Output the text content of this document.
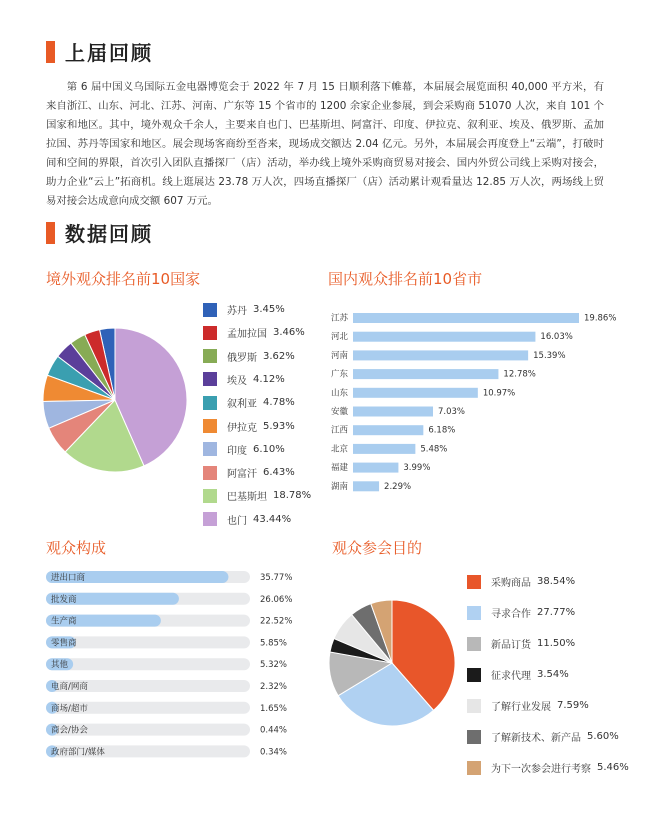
上届回顾
第 6 届中国义乌国际五金电器博览会于 2022 年 7 月 15 日顺利落下帷幕，本届展会展览面积 40,000 平方米，有来自浙江、山东、河北、江苏、河南、广东等 15 个省市的 1200 余家企业参展，到会采购商 51070 人次，来自 101 个国家和地区。其中，境外观众千余人，主要来自也门、巴基斯坦、阿富汗、印度、伊拉克、叙利亚、埃及、俄罗斯、孟加拉国、苏丹等国家和地区。展会现场客商纷至沓来，现场成交额达 2.04 亿元。另外，本届展会再度登上“云端”，打破时间和空间的界限，首次引入团队直播探厂（店）活动，举办线上境外采购商贸易对接会、国内外贸公司线上采购对接会，助力企业“云上”拓商机。线上逛展达 23.78 万人次，四场直播探厂（店）活动累计观看量达 12.85 万人次，两场线上贸易对接会达成意向成交额 607 万元。
数据回顾
境外观众排名前10国家	国内观众排名前10省市
观众构成	观众参会目的
江苏	19.86%
河北	16.03%
河南	15.39%
广东	12.78%
山东	10.97%
安徽	7.03%
江西	6.18%
北京	5.48%
福建	3.99%
湖南	2.29%
进出口商	35.77%
批发商	26.06%
生产商	22.52%
零售商	5.85%
其他	5.32%
电商/网商	2.32%
商场/超市	1.65%
商会/协会	0.44%
政府部门/媒体	0.34%
苏丹 3.45%
孟加拉国 3.46%
俄罗斯 3.62%
埃及 4.12%
叙利亚 4.78%
伊拉克 5.93%
印度 6.10%
阿富汗 6.43%
巴基斯坦 18.78%
也门 43.44%
采购商品 38.54%
寻求合作 27.77%
新品订货 11.50%
征求代理 3.54%
了解行业发展 7.59%
了解新技术、新产品 5.60%
为下一次参会进行考察 5.46%
